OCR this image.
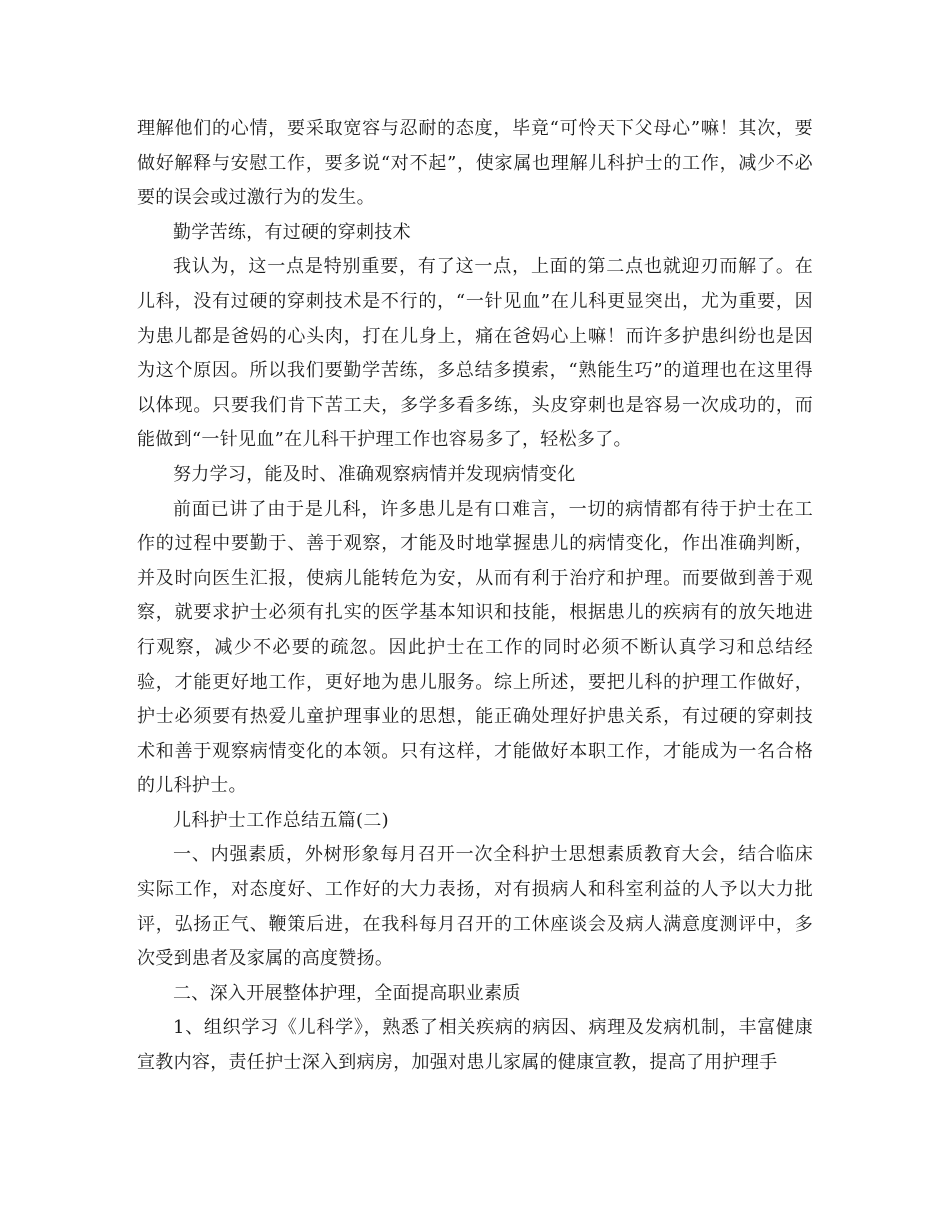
理解他们的心情，要采取宽容与忍耐的态度，毕竟“可怜天下父母心”嘛！其次，要做好解释与安慰工作，要多说“对不起”，使家属也理解儿科护士的工作，减少不必要的误会或过激行为的发生。

勤学苦练，有过硬的穿刺技术

我认为，这一点是特别重要，有了这一点，上面的第二点也就迎刃而解了。在儿科，没有过硬的穿刺技术是不行的，“一针见血”在儿科更显突出，尤为重要，因为患儿都是爸妈的心头肉，打在儿身上，痛在爸妈心上嘛！而许多护患纠纷也是因为这个原因。所以我们要勤学苦练，多总结多摸索，“熟能生巧”的道理也在这里得以体现。只要我们肯下苦工夫，多学多看多练，头皮穿刺也是容易一次成功的，而能做到“一针见血”在儿科干护理工作也容易多了，轻松多了。

努力学习，能及时、准确观察病情并发现病情变化

前面已讲了由于是儿科，许多患儿是有口难言，一切的病情都有待于护士在工作的过程中要勤于、善于观察，才能及时地掌握患儿的病情变化，作出准确判断，并及时向医生汇报，使病儿能转危为安，从而有利于治疗和护理。而要做到善于观察，就要求护士必须有扎实的医学基本知识和技能，根据患儿的疾病有的放矢地进行观察，减少不必要的疏忽。因此护士在工作的同时必须不断认真学习和总结经验，才能更好地工作，更好地为患儿服务。综上所述，要把儿科的护理工作做好，护士必须要有热爱儿童护理事业的思想，能正确处理好护患关系，有过硬的穿刺技术和善于观察病情变化的本领。只有这样，才能做好本职工作，才能成为一名合格的儿科护士。

儿科护士工作总结五篇(二)

一、内强素质，外树形象每月召开一次全科护士思想素质教育大会，结合临床实际工作，对态度好、工作好的大力表扬，对有损病人和科室利益的人予以大力批评，弘扬正气、鞭策后进，在我科每月召开的工休座谈会及病人满意度测评中，多次受到患者及家属的高度赞扬。

二、深入开展整体护理，全面提高职业素质

1、组织学习《儿科学》，熟悉了相关疾病的病因、病理及发病机制，丰富健康宣教内容，责任护士深入到病房，加强对患儿家属的健康宣教，提高了用护理手
